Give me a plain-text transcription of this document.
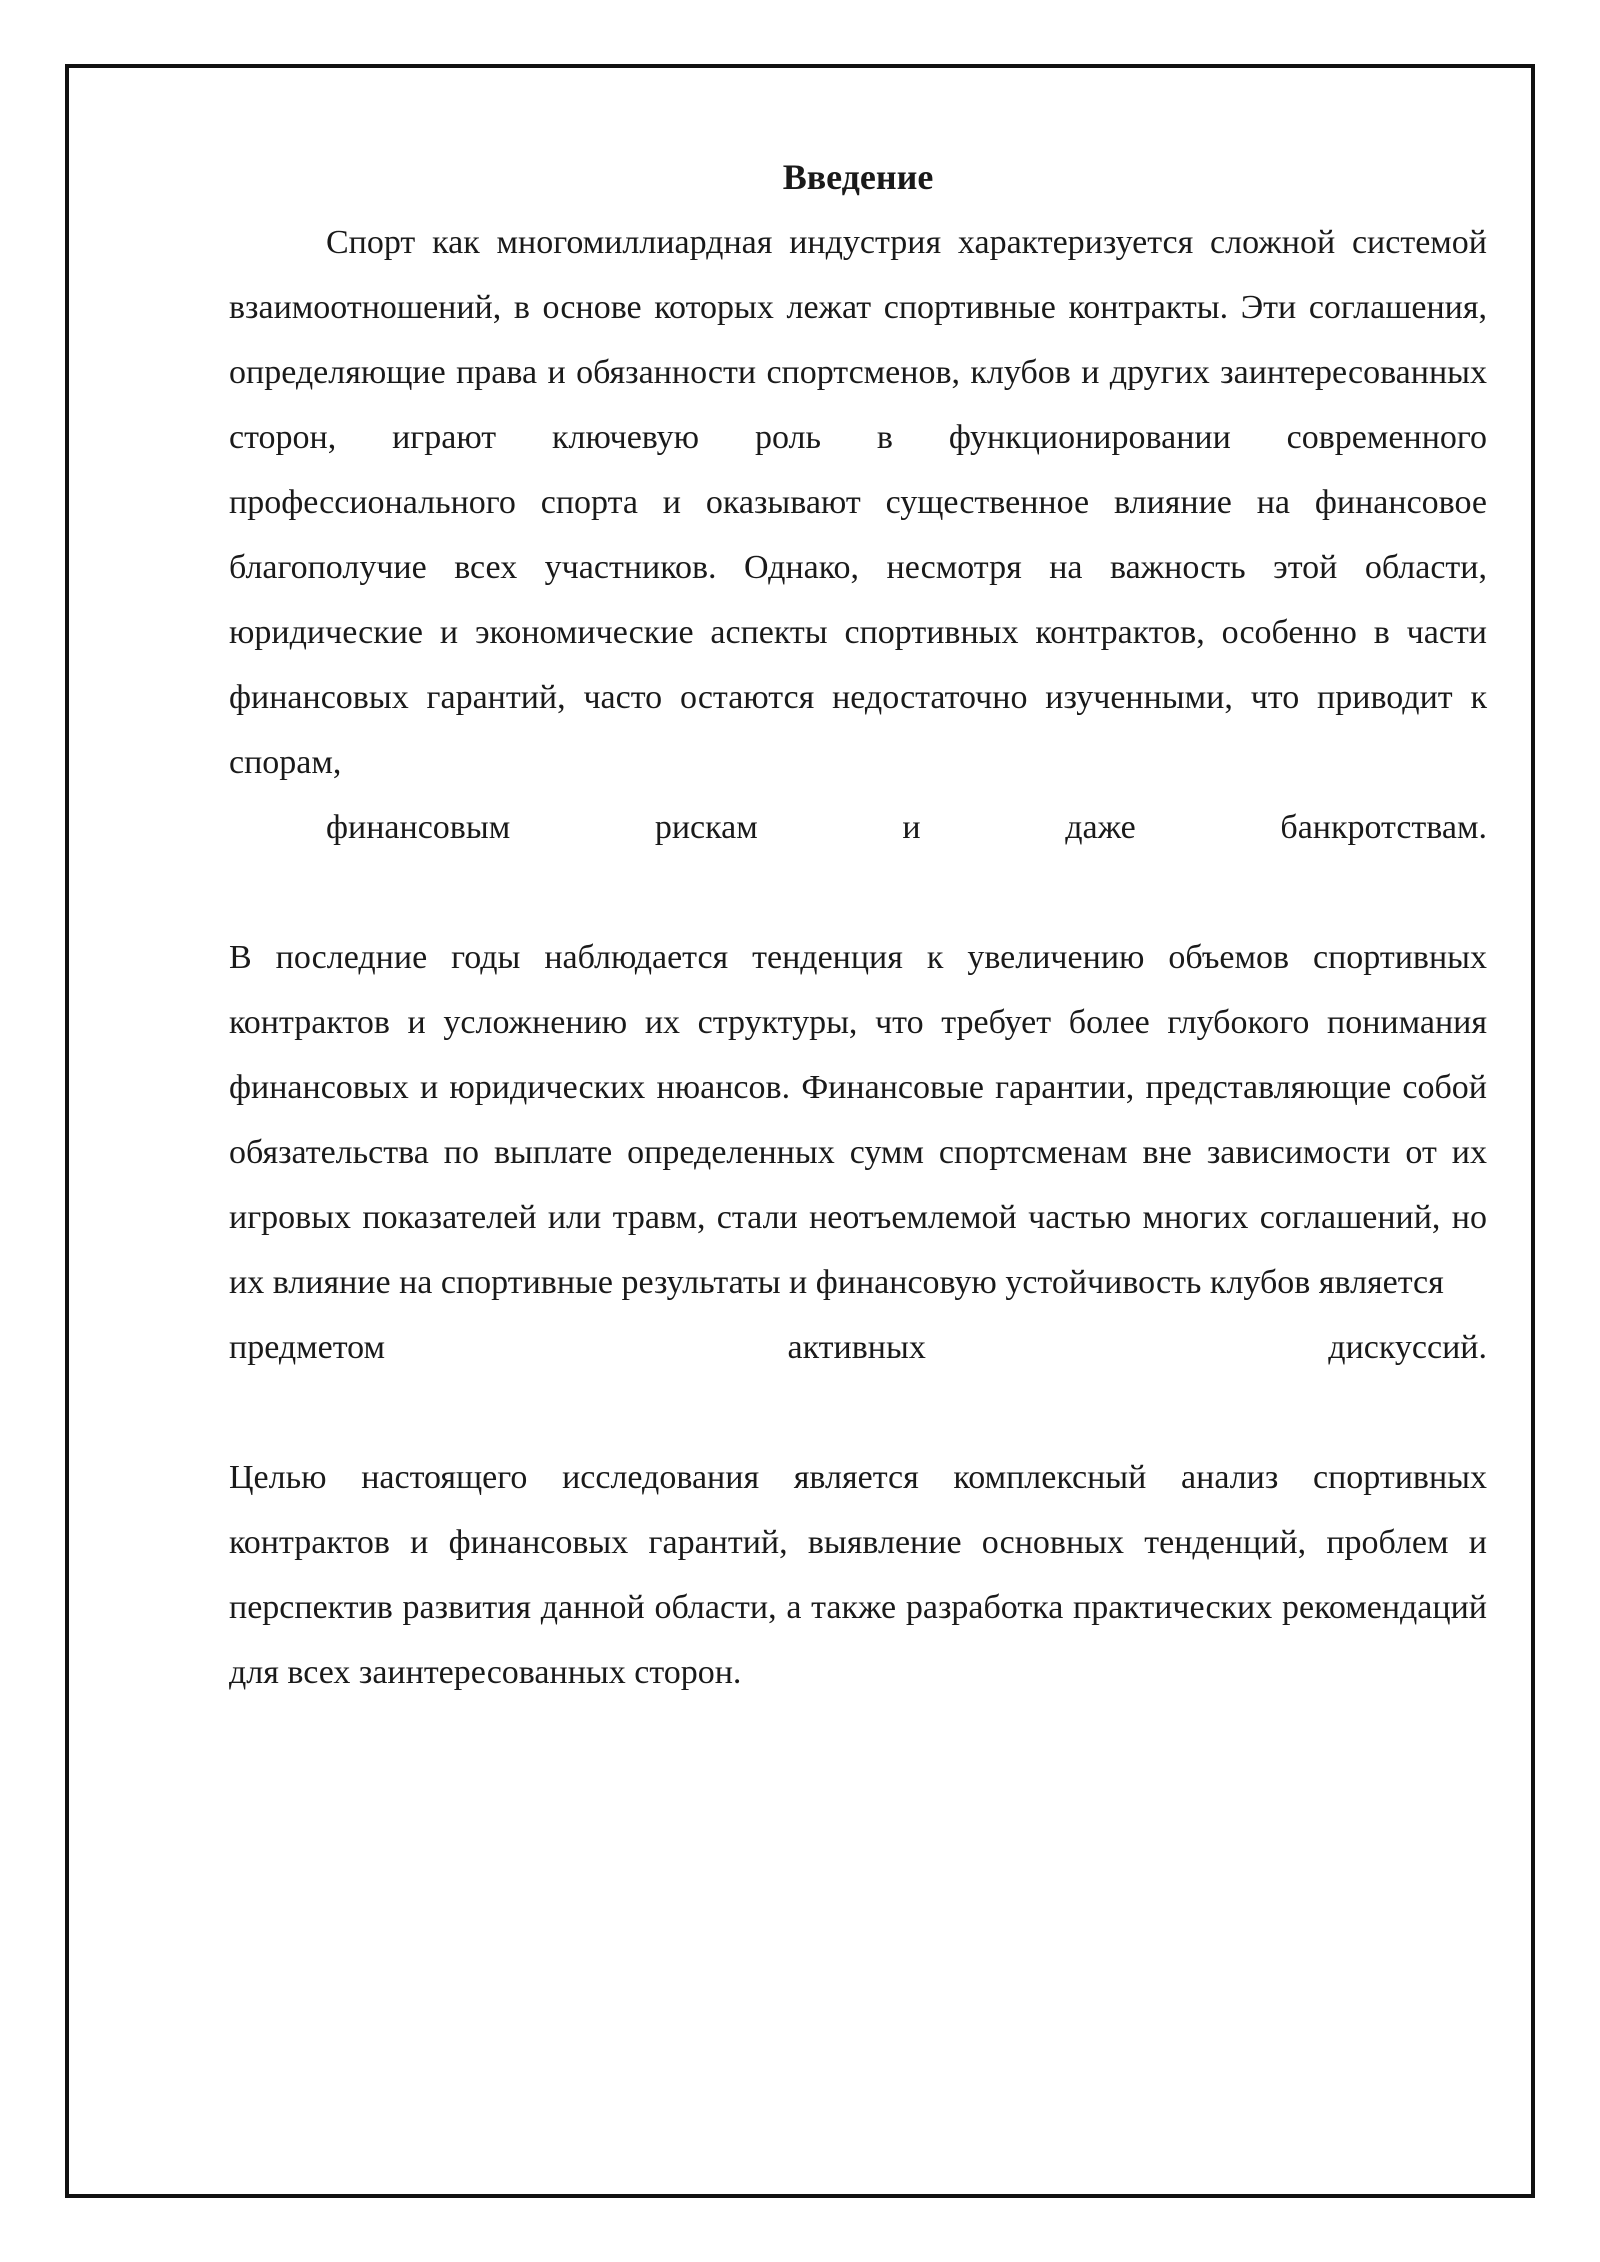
Введение

Спорт как многомиллиардная индустрия характеризуется сложной системой взаимоотношений, в основе которых лежат спортивные контракты. Эти соглашения, определяющие права и обязанности спортсменов, клубов и других заинтересованных сторон, играют ключевую роль в функционировании современного профессионального спорта и оказывают существенное влияние на финансовое благополучие всех участников. Однако, несмотря на важность этой области, юридические и экономические аспекты спортивных контрактов, особенно в части финансовых гарантий, часто остаются недостаточно изученными, что приводит к спорам,
финансовым рискам и даже банкротствам.

В последние годы наблюдается тенденция к увеличению объемов спортивных контрактов и усложнению их структуры, что требует более глубокого понимания финансовых и юридических нюансов. Финансовые гарантии, представляющие собой обязательства по выплате определенных сумм спортсменам вне зависимости от их игровых показателей или травм, стали неотъемлемой частью многих соглашений, но их влияние на спортивные результаты и финансовую устойчивость клубов является
предметом активных дискуссий.

Целью настоящего исследования является комплексный анализ спортивных контрактов и финансовых гарантий, выявление основных тенденций, проблем и перспектив развития данной области, а также разработка практических рекомендаций для всех заинтересованных сторон.
